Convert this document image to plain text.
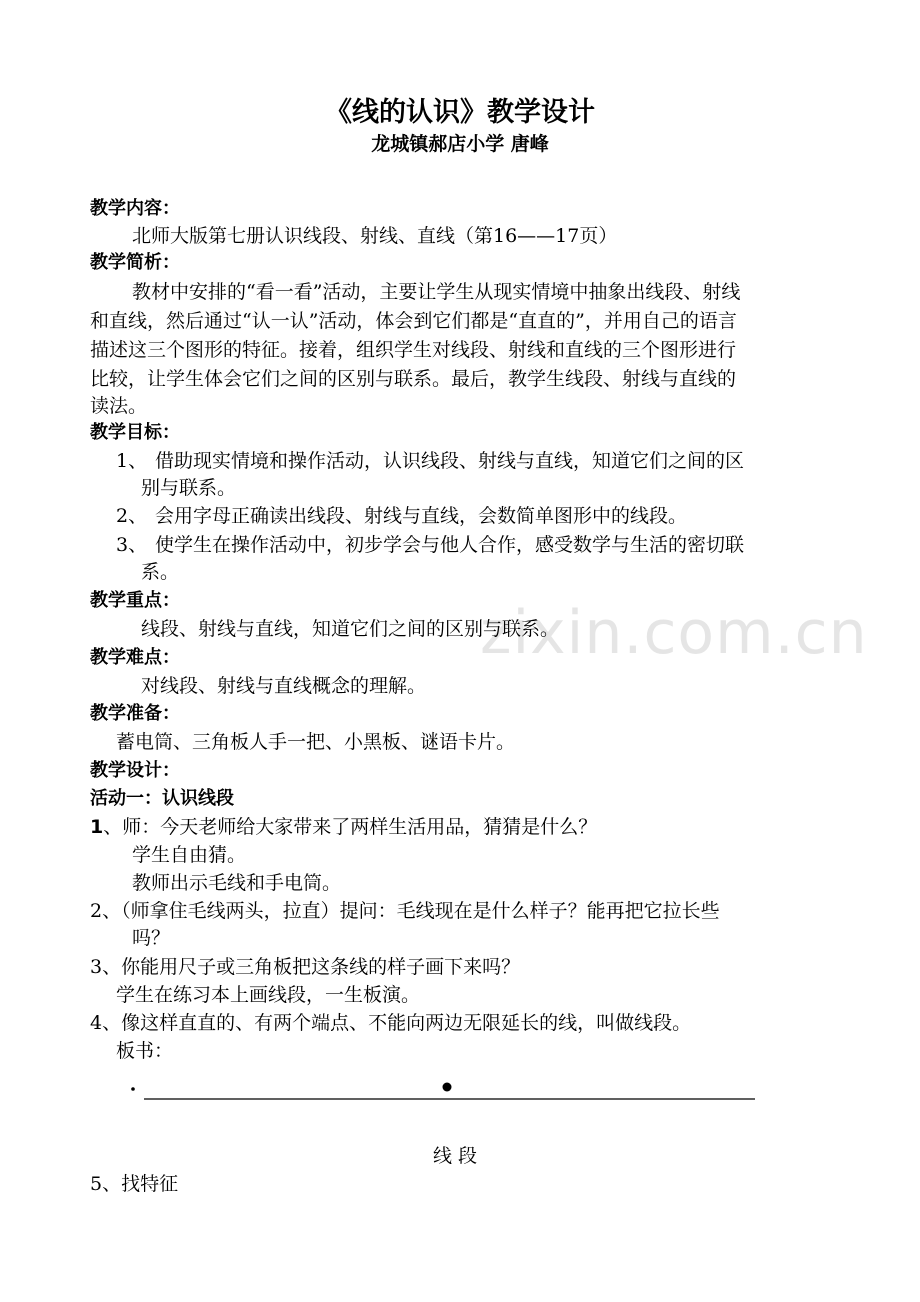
zixin.com.cn
《线的认识》教学设计
龙城镇郝店小学 唐峰
教学内容：
北师大版第七册认识线段、射线、直线（第16——17页）
教学简析：
教材中安排的“看一看”活动，主要让学生从现实情境中抽象出线段、射线
和直线，然后通过“认一认”活动，体会到它们都是“直直的”，并用自己的语言
描述这三个图形的特征。接着，组织学生对线段、射线和直线的三个图形进行
比较，让学生体会它们之间的区别与联系。最后，教学生线段、射线与直线的
读法。
教学目标：
1、 借助现实情境和操作活动，认识线段、射线与直线，知道它们之间的区
别与联系。
2、 会用字母正确读出线段、射线与直线，会数简单图形中的线段。
3、 使学生在操作活动中，初步学会与他人合作，感受数学与生活的密切联
系。
教学重点：
线段、射线与直线，知道它们之间的区别与联系。
教学难点：
对线段、射线与直线概念的理解。
教学准备：
蓄电筒、三角板人手一把、小黑板、谜语卡片。
教学设计：
活动一：认识线段
1、师：今天老师给大家带来了两样生活用品，猜猜是什么？
学生自由猜。
教师出示毛线和手电筒。
2、（师拿住毛线两头，拉直）提问：毛线现在是什么样子？能再把它拉长些
吗？
3、你能用尺子或三角板把这条线的样子画下来吗？
学生在练习本上画线段，一生板演。
4、像这样直直的、有两个端点、不能向两边无限延长的线，叫做线段。
板书：
线 段
5、找特征
